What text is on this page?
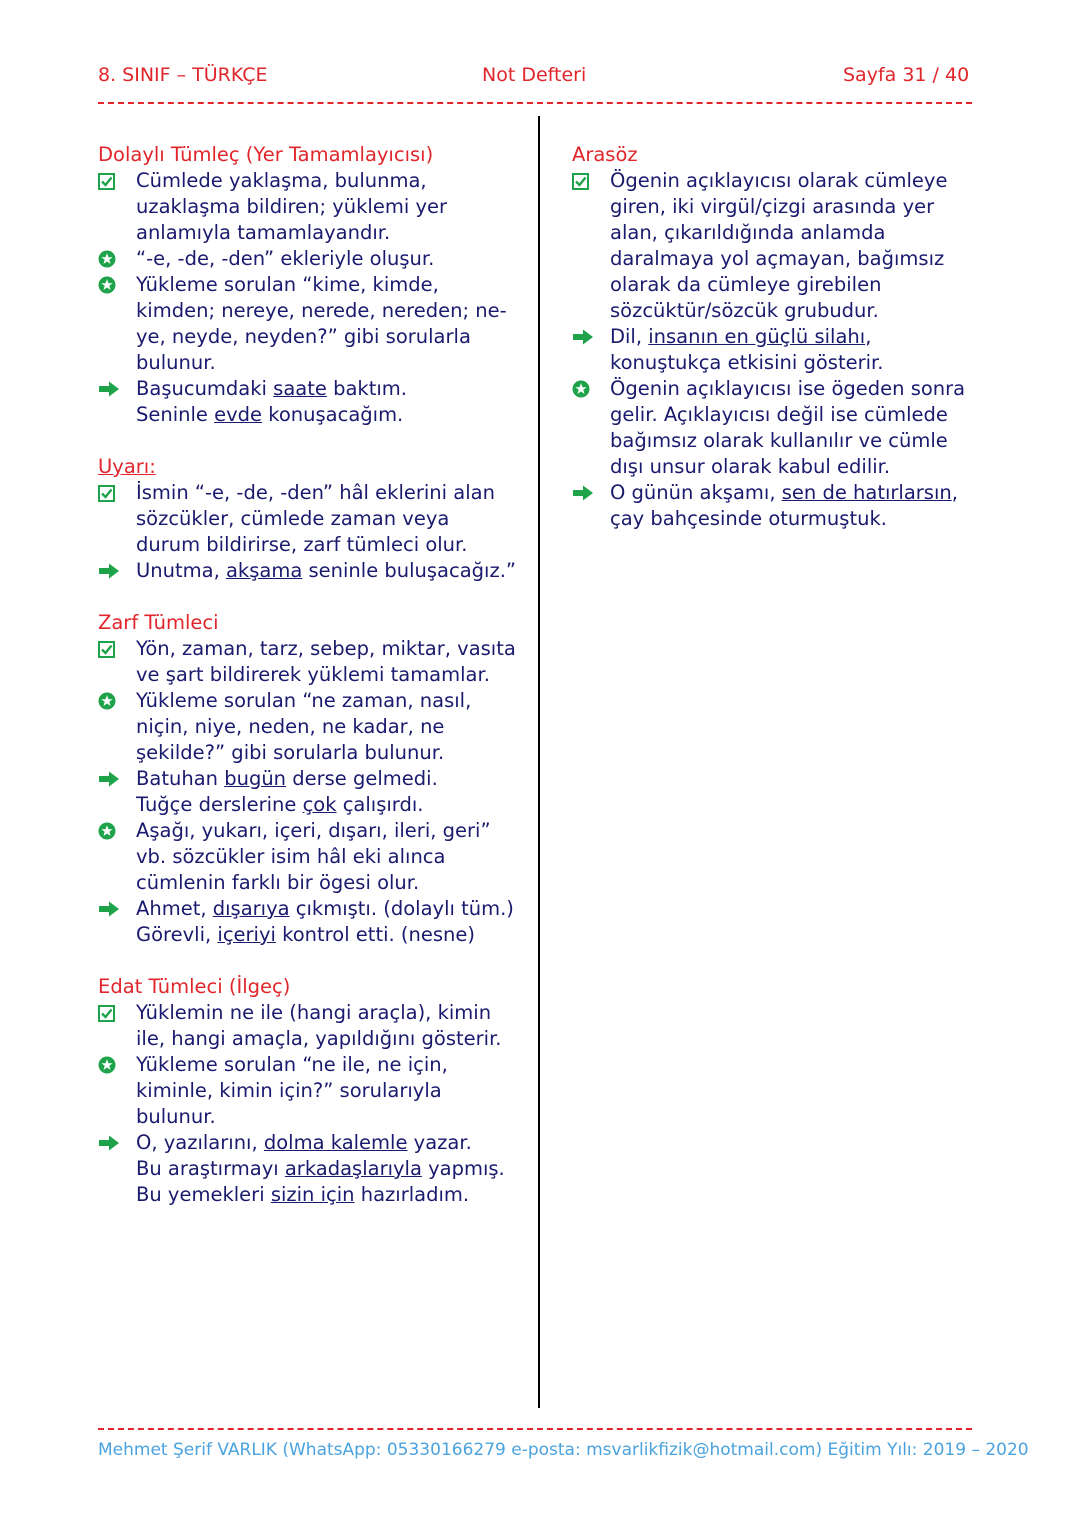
8. SINIF – TÜRKÇE	Not Defteri	Sayfa 31 / 40

Dolaylı Tümleç (Yer Tamamlayıcısı)

Cümlede yaklaşma, bulunma, uzaklaşma bildiren; yüklemi yer anlamıyla tamamlayandır.
“-e, -de, -den” ekleriyle oluşur.
Yükleme sorulan “kime, kimde, kimden; nereye, nerede, nereden; ne-ye, neyde, neyden?” gibi sorularla bulunur.
Başucumdaki saate baktım.
Seninle evde konuşacağım.

Uyarı:

İsmin “-e, -de, -den” hâl eklerini alan sözcükler, cümlede zaman veya durum bildirirse, zarf tümleci olur.
Unutma, akşama seninle buluşacağız.”

Zarf Tümleci

Yön, zaman, tarz, sebep, miktar, vasıta ve şart bildirerek yüklemi tamamlar.
Yükleme sorulan “ne zaman, nasıl, niçin, niye, neden, ne kadar, ne şekilde?” gibi sorularla bulunur.
Batuhan bugün derse gelmedi.
Tuğçe derslerine çok çalışırdı.
Aşağı, yukarı, içeri, dışarı, ileri, geri” vb. sözcükler isim hâl eki alınca cümlenin farklı bir ögesi olur.
Ahmet, dışarıya çıkmıştı. (dolaylı tüm.)
Görevli, içeriyi kontrol etti. (nesne)

Edat Tümleci (İlgeç)

Yüklemin ne ile (hangi araçla), kimin ile, hangi amaçla, yapıldığını gösterir.
Yükleme sorulan “ne ile, ne için, kiminle, kimin için?” sorularıyla bulunur.
O, yazılarını, dolma kalemle yazar.
Bu araştırmayı arkadaşlarıyla yapmış.
Bu yemekleri sizin için hazırladım.

Arasöz

Ögenin açıklayıcısı olarak cümleye giren, iki virgül/çizgi arasında yer alan, çıkarıldığında anlamda daralmaya yol açmayan, bağımsız olarak da cümleye girebilen sözcüktür/sözcük grubudur.
Dil, insanın en güçlü silahı, konuştukça etkisini gösterir.
Ögenin açıklayıcısı ise ögeden sonra gelir. Açıklayıcısı değil ise cümlede bağımsız olarak kullanılır ve cümle dışı unsur olarak kabul edilir.
O günün akşamı, sen de hatırlarsın, çay bahçesinde oturmuştuk.
Mehmet Şerif VARLIK (WhatsApp: 05330166279 e-posta: msvarlikfizik@hotmail.com) Eğitim Yılı: 2019 – 2020
